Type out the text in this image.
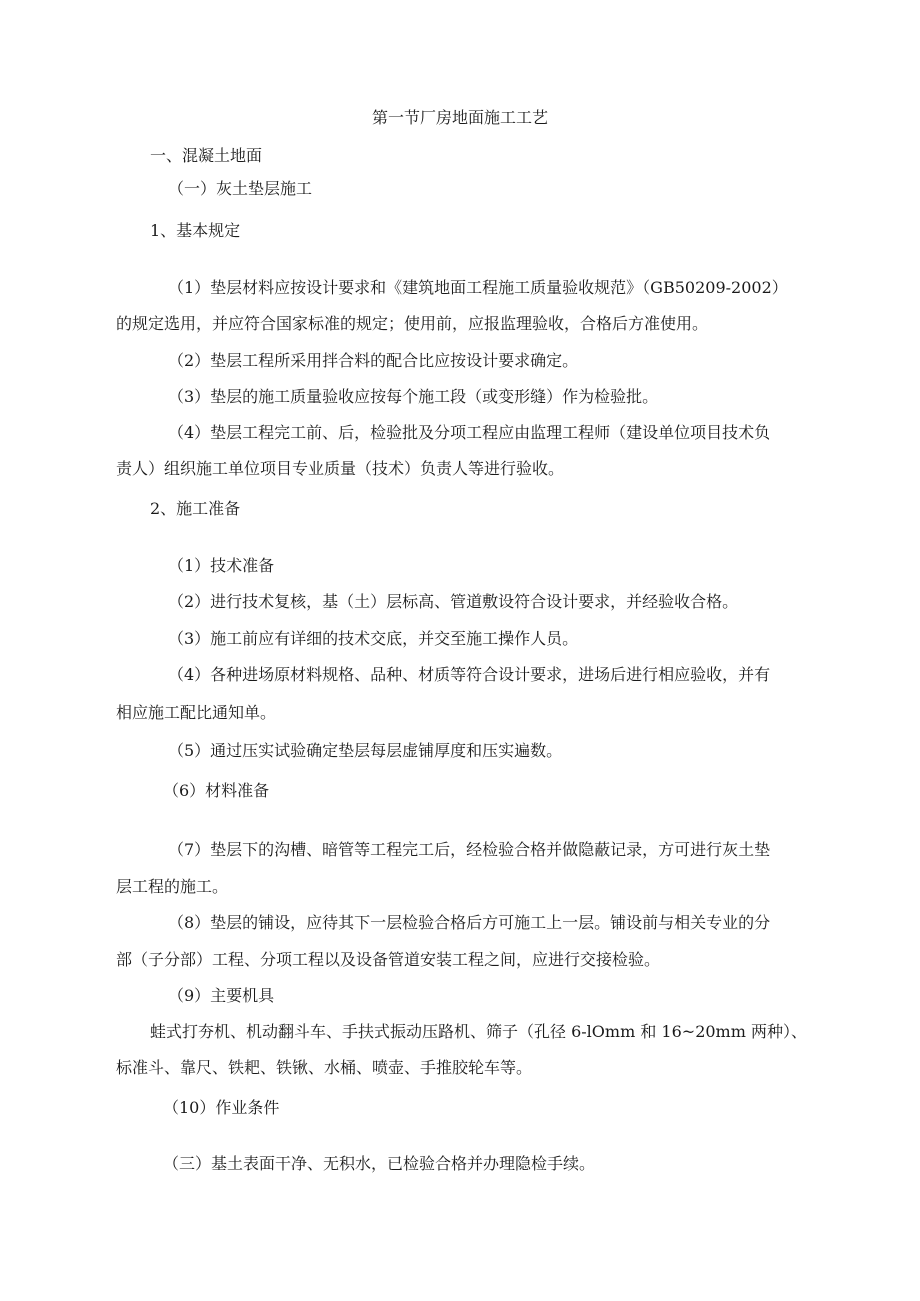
第一节厂房地面施工工艺
一、混凝土地面
（一）灰土垫层施工
1、基本规定
（1）垫层材料应按设计要求和《建筑地面工程施工质量验收规范》（GB50209-2002）
的规定选用，并应符合国家标准的规定；使用前，应报监理验收，合格后方准使用。
（2）垫层工程所采用拌合料的配合比应按设计要求确定。
（3）垫层的施工质量验收应按每个施工段（或变形缝）作为检验批。
（4）垫层工程完工前、后，检验批及分项工程应由监理工程师（建设单位项目技术负
责人）组织施工单位项目专业质量（技术）负责人等进行验收。
2、施工准备
（1）技术准备
（2）进行技术复核，基（土）层标高、管道敷设符合设计要求，并经验收合格。
（3）施工前应有详细的技术交底，并交至施工操作人员。
（4）各种进场原材料规格、品种、材质等符合设计要求，进场后进行相应验收，并有
相应施工配比通知单。
（5）通过压实试验确定垫层每层虚铺厚度和压实遍数。
（6）材料准备
（7）垫层下的沟槽、暗管等工程完工后，经检验合格并做隐蔽记录，方可进行灰土垫
层工程的施工。
（8）垫层的铺设，应待其下一层检验合格后方可施工上一层。铺设前与相关专业的分
部（子分部）工程、分项工程以及设备管道安装工程之间，应进行交接检验。
（9）主要机具
蛙式打夯机、机动翻斗车、手扶式振动压路机、筛子（孔径 6-lOmm 和 16~20mm 两种）、
标准斗、靠尺、铁耙、铁锹、水桶、喷壶、手推胶轮车等。
（10）作业条件
（三）基土表面干净、无积水，已检验合格并办理隐检手续。
